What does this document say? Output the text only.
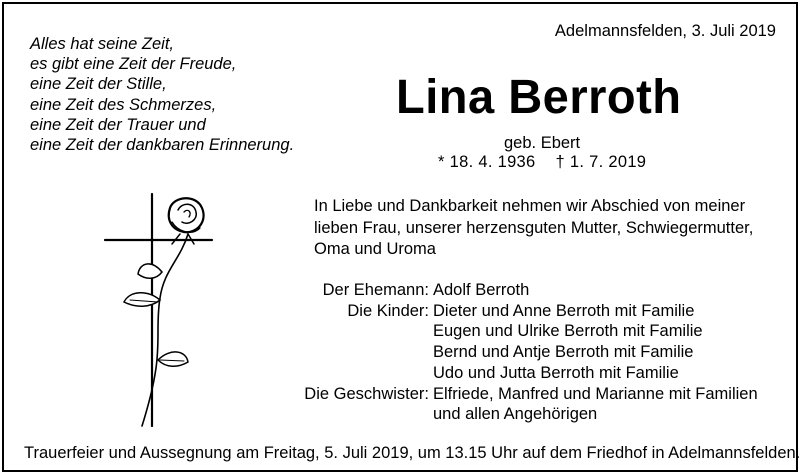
Alles hat seine Zeit,
es gibt eine Zeit der Freude,
eine Zeit der Stille,
eine Zeit des Schmerzes,
eine Zeit der Trauer und
eine Zeit der dankbaren Erinnerung.
Adelmannsfelden, 3. Juli 2019
Lina Berroth
geb. Ebert
* 18. 4. 1936 † 1. 7. 2019
In Liebe und Dankbarkeit nehmen wir Abschied von meiner
lieben Frau, unserer herzensguten Mutter, Schwiegermutter,
Oma und Uroma
Der Ehemann: Adolf Berroth
Die Kinder: Dieter und Anne Berroth mit Familie
Eugen und Ulrike Berroth mit Familie
Bernd und Antje Berroth mit Familie
Udo und Jutta Berroth mit Familie
Die Geschwister: Elfriede, Manfred und Marianne mit Familien
und allen Angehörigen
Trauerfeier und Aussegnung am Freitag, 5. Juli 2019, um 13.15 Uhr auf dem Friedhof in Adelmannsfelden.
